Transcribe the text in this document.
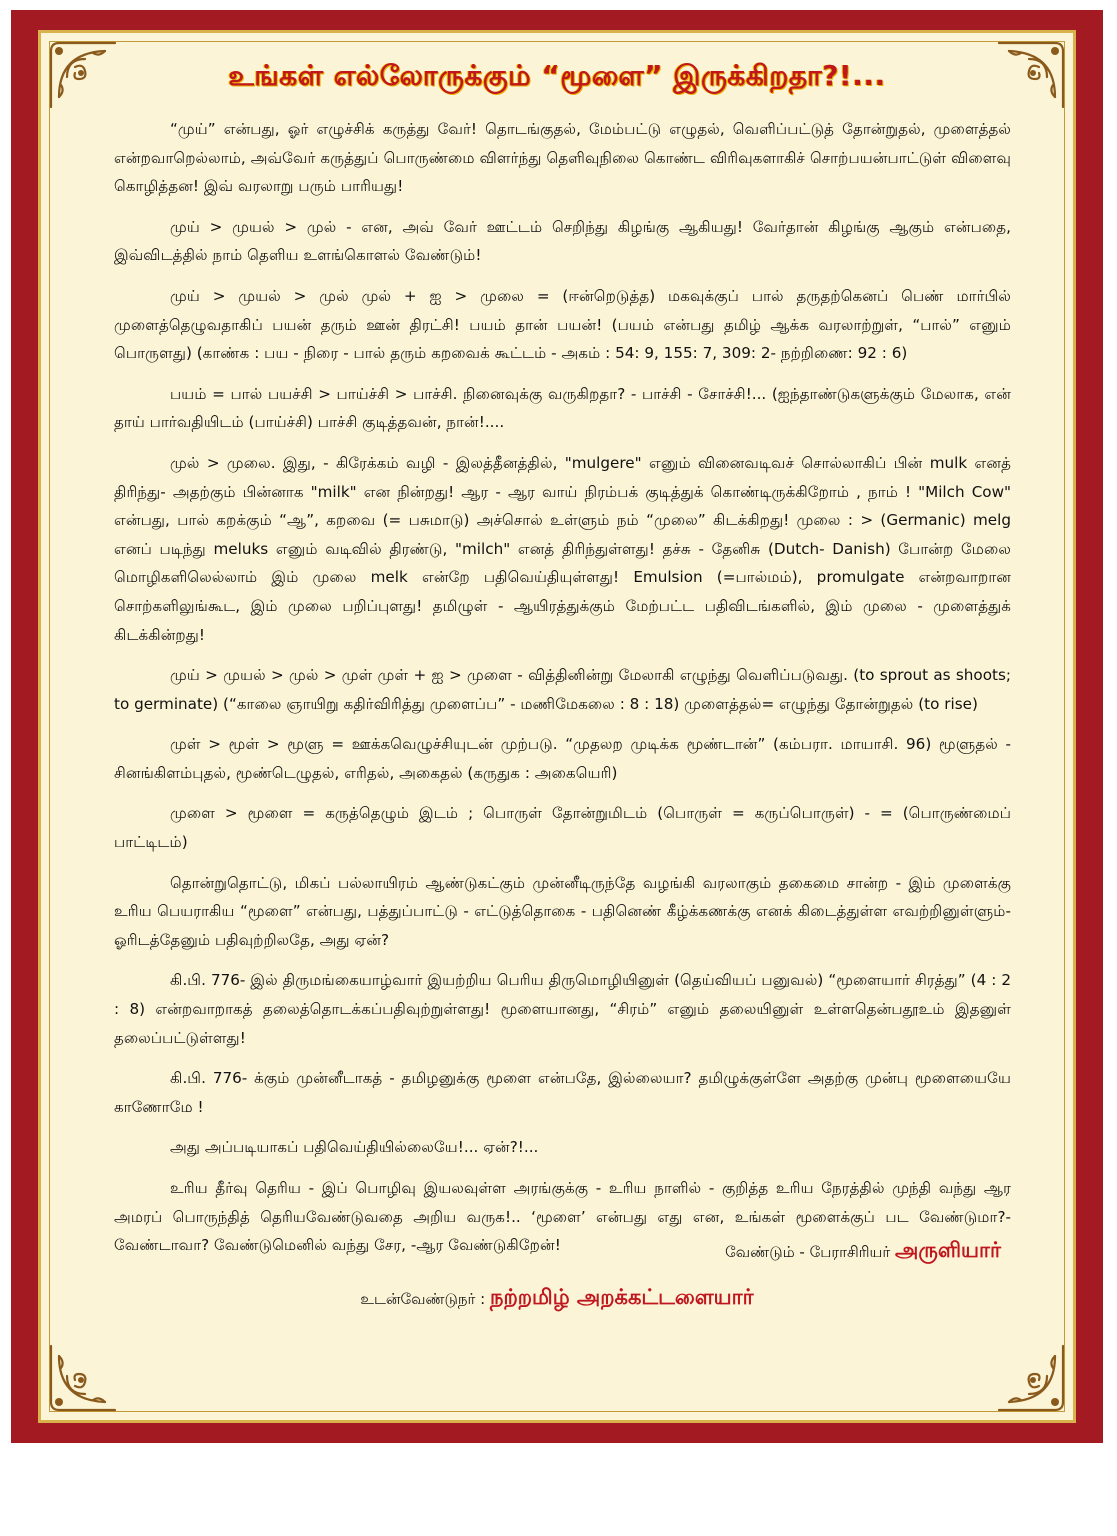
உங்கள் எல்லோருக்கும் “மூளை” இருக்கிறதா?!...

“முய்” என்பது, ஓர் எழுச்சிக் கருத்து வேர்! தொடங்குதல், மேம்பட்டு எழுதல், வெளிப்பட்டுத் தோன்றுதல், முளைத்தல் என்றவாறெல்லாம், அவ்வேர் கருத்துப் பொருண்மை விளர்ந்து தெளிவுநிலை கொண்ட விரிவுகளாகிச் சொற்பயன்பாட்டுள் விளைவு கொழித்தன! இவ் வரலாறு பரும் பாரியது!

முய் > முயல் > முல் - என, அவ் வேர் ஊட்டம் செறிந்து கிழங்கு ஆகியது! வேர்தான் கிழங்கு ஆகும் என்பதை, இவ்விடத்தில் நாம் தெளிய உளங்கொளல் வேண்டும்!

முய் > முயல் > முல் முல் + ஐ > முலை = (ஈன்றெடுத்த) மகவுக்குப் பால் தருதற்கெனப் பெண் மார்பில் முளைத்தெழுவதாகிப் பயன் தரும் ஊன் திரட்சி! பயம் தான் பயன்! (பயம் என்பது தமிழ் ஆக்க வரலாற்றுள், “பால்” எனும் பொருளது) (காண்க : பய - நிரை - பால் தரும் கறவைக் கூட்டம் - அகம் : 54: 9, 155: 7, 309: 2- நற்றிணை: 92 : 6)

பயம் = பால் பயச்சி > பாய்ச்சி > பாச்சி. நினைவுக்கு வருகிறதா? - பாச்சி - சோச்சி!... (ஐந்தாண்டுகளுக்கும் மேலாக, என் தாய் பார்வதியிடம் (பாய்ச்சி) பாச்சி குடித்தவன், நான்!....

முல் > முலை. இது, - கிரேக்கம் வழி - இலத்தீனத்தில், "mulgere" எனும் வினைவடிவச் சொல்லாகிப் பின் mulk எனத் திரிந்து- அதற்கும் பின்னாக "milk" என நின்றது! ஆர - ஆர வாய் நிரம்பக் குடித்துக் கொண்டிருக்கிறோம் , நாம் ! "Milch Cow" என்பது, பால் கறக்கும் “ஆ”, கறவை (= பசுமாடு) அச்சொல் உள்ளும் நம் “முலை” கிடக்கிறது! முலை : > (Germanic) melg எனப் படிந்து meluks எனும் வடிவில் திரண்டு, "milch" எனத் திரிந்துள்ளது! தச்சு - தேனிசு (Dutch- Danish) போன்ற மேலை மொழிகளிலெல்லாம் இம் முலை melk என்றே பதிவெய்தியுள்ளது! Emulsion (=பால்மம்), promulgate என்றவாறான சொற்களிலுங்கூட, இம் முலை பறிப்புளது! தமிழுள் - ஆயிரத்துக்கும் மேற்பட்ட பதிவிடங்களில், இம் முலை - முளைத்துக் கிடக்கின்றது!

முய் > முயல் > முல் > முள் முள் + ஐ > முளை - வித்தினின்று மேலாகி எழுந்து வெளிப்படுவது. (to sprout as shoots; to germinate) (“காலை ஞாயிறு கதிர்விரித்து முளைப்ப” - மணிமேகலை : 8 : 18) முளைத்தல்= எழுந்து தோன்றுதல் (to rise)

முள் > மூள் > மூளு = ஊக்கவெழுச்சியுடன் முற்படு. “முதலற முடிக்க மூண்டான்” (கம்பரா. மாயாசி. 96) மூளுதல் - சினங்கிளம்புதல், மூண்டெழுதல், எரிதல், அகைதல் (கருதுக : அகையெரி)

முளை > மூளை = கருத்தெழும் இடம் ; பொருள் தோன்றுமிடம் (பொருள் = கருப்பொருள்) - = (பொருண்மைப் பாட்டிடம்)

தொன்றுதொட்டு, மிகப் பல்லாயிரம் ஆண்டுகட்கும் முன்னீடிருந்தே வழங்கி வரலாகும் தகைமை சான்ற - இம் முளைக்கு உரிய பெயராகிய “மூளை” என்பது, பத்துப்பாட்டு - எட்டுத்தொகை - பதினெண் கீழ்க்கணக்கு எனக் கிடைத்துள்ள எவற்றினுள்ளும்- ஓரிடத்தேனும் பதிவுற்றிலதே, அது ஏன்?

கி.பி. 776- இல் திருமங்கையாழ்வார் இயற்றிய பெரிய திருமொழியினுள் (தெய்வியப் பனுவல்) “மூளையார் சிரத்து” (4 : 2 : 8) என்றவாறாகத் தலைத்தொடக்கப்பதிவுற்றுள்ளது! மூளையானது, “சிரம்” எனும் தலையினுள் உள்ளதென்பதூஉம் இதனுள் தலைப்பட்டுள்ளது!

கி.பி. 776- க்கும் முன்னீடாகத் - தமிழனுக்கு மூளை என்பதே, இல்லையா? தமிழுக்குள்ளே அதற்கு முன்பு மூளையையே காணோமே !

அது அப்படியாகப் பதிவெய்தியில்லையே!... ஏன்?!...

உரிய தீர்வு தெரிய - இப் பொழிவு இயலவுள்ள அரங்குக்கு - உரிய நாளில் - குறித்த உரிய நேரத்தில் முந்தி வந்து ஆர அமரப் பொருந்தித் தெரியவேண்டுவதை அறிய வருக!.. ‘மூளை’ என்பது எது என, உங்கள் மூளைக்குப் பட வேண்டுமா?- வேண்டாவா? வேண்டுமெனில் வந்து சேர, -ஆர வேண்டுகிறேன்!	வேண்டும் - பேராசிரியர் அருளியார்
உடன்வேண்டுநர் : நற்றமிழ் அறக்கட்டளையார்
